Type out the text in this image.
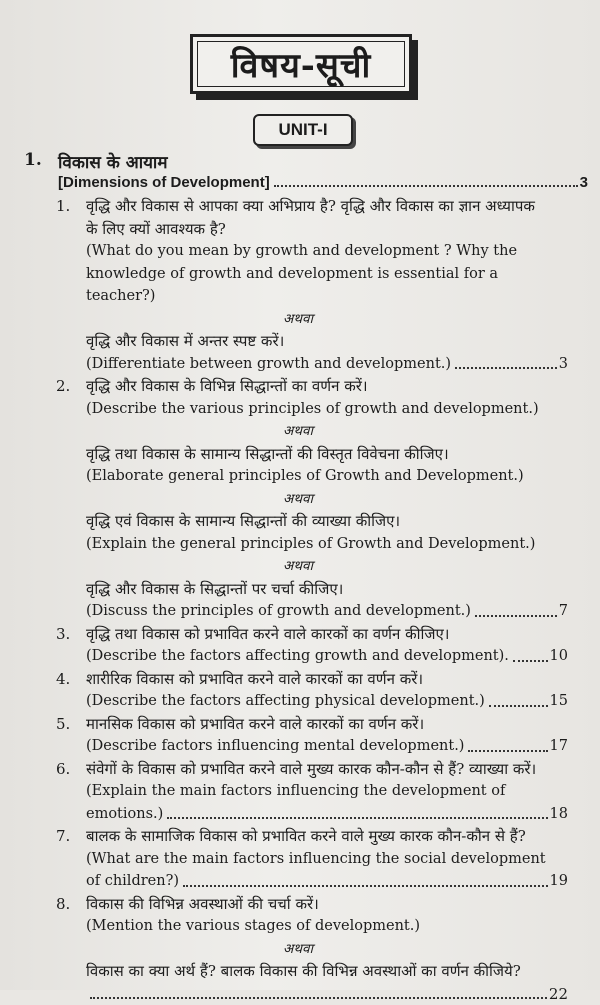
विषय-सूची
UNIT-I
1. विकास के आयाम
[Dimensions of Development]	3
1. वृद्धि और विकास से आपका क्या अभिप्राय है? वृद्धि और विकास का ज्ञान अध्यापक
के लिए क्यों आवश्यक है?
(What do you mean by growth and development ? Why the
knowledge of growth and development is essential for a teacher?)
अथवा
वृद्धि और विकास में अन्तर स्पष्ट करें।
(Differentiate between growth and development.)	3
2. वृद्धि और विकास के विभिन्न सिद्धान्तों का वर्णन करें।
(Describe the various principles of growth and development.)
अथवा
वृद्धि तथा विकास के सामान्य सिद्धान्तों की विस्तृत विवेचना कीजिए।
(Elaborate general principles of Growth and Development.)
अथवा
वृद्धि एवं विकास के सामान्य सिद्धान्तों की व्याख्या कीजिए।
(Explain the general principles of Growth and Development.)
अथवा
वृद्धि और विकास के सिद्धान्तों पर चर्चा कीजिए।
(Discuss the principles of growth and development.)	7
3. वृद्धि तथा विकास को प्रभावित करने वाले कारकों का वर्णन कीजिए।
(Describe the factors affecting growth and development).	10
4. शारीरिक विकास को प्रभावित करने वाले कारकों का वर्णन करें।
(Describe the factors affecting physical development.)	15
5. मानसिक विकास को प्रभावित करने वाले कारकों का वर्णन करें।
(Describe factors influencing mental development.)	17
6. संवेगों के विकास को प्रभावित करने वाले मुख्य कारक कौन-कौन से हैं? व्याख्या करें।
(Explain the main factors influencing the development of
emotions.)	18
7. बालक के सामाजिक विकास को प्रभावित करने वाले मुख्य कारक कौन-कौन से हैं?
(What are the main factors influencing the social development
of children?)	19
8. विकास की विभिन्न अवस्थाओं की चर्चा करें।
(Mention the various stages of development.)
अथवा
विकास का क्या अर्थ हैं? बालक विकास की विभिन्न अवस्थाओं का वर्णन कीजिये?
22
